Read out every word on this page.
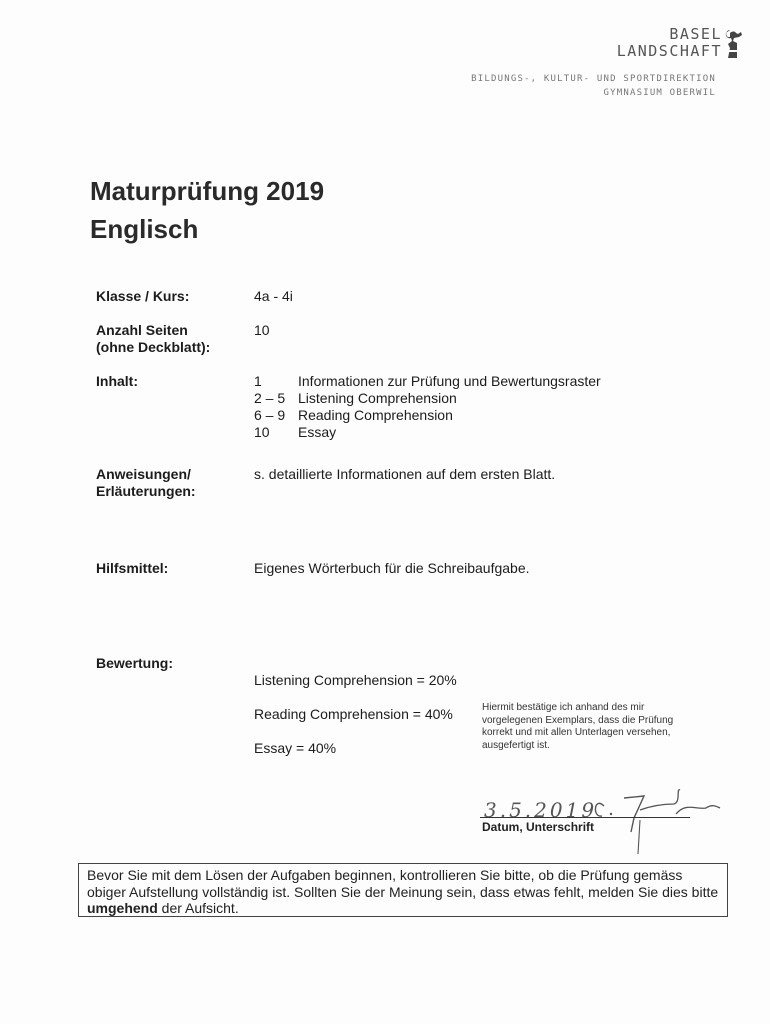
BASEL
LANDSCHAFT
BILDUNGS-, KULTUR- UND SPORTDIREKTION
GYMNASIUM OBERWIL
Maturprüfung 2019
Englisch
Klasse / Kurs:	4a - 4i
Anzahl Seiten
(ohne Deckblatt):
10
Inhalt:	1	Informationen zur Prüfung und Bewertungsraster
2 – 5 Listening Comprehension
6 – 9 Reading Comprehension
10 Essay
Anweisungen/
Erläuterungen:
s. detaillierte Informationen auf dem ersten Blatt.
Hilfsmittel:	Eigenes Wörterbuch für die Schreibaufgabe.
Bewertung:

Listening Comprehension = 20%

Reading Comprehension = 40%

Essay = 40%

Hiermit bestätige ich anhand des mir vorgelegenen Exemplars, dass die Prüfung korrekt und mit allen Unterlagen versehen, ausgefertigt ist.
3.5.2019
Datum, Unterschrift
Bevor Sie mit dem Lösen der Aufgaben beginnen, kontrollieren Sie bitte, ob die Prüfung gemäss obiger Aufstellung vollständig ist. Sollten Sie der Meinung sein, dass etwas fehlt, melden Sie dies bitte umgehend der Aufsicht.
